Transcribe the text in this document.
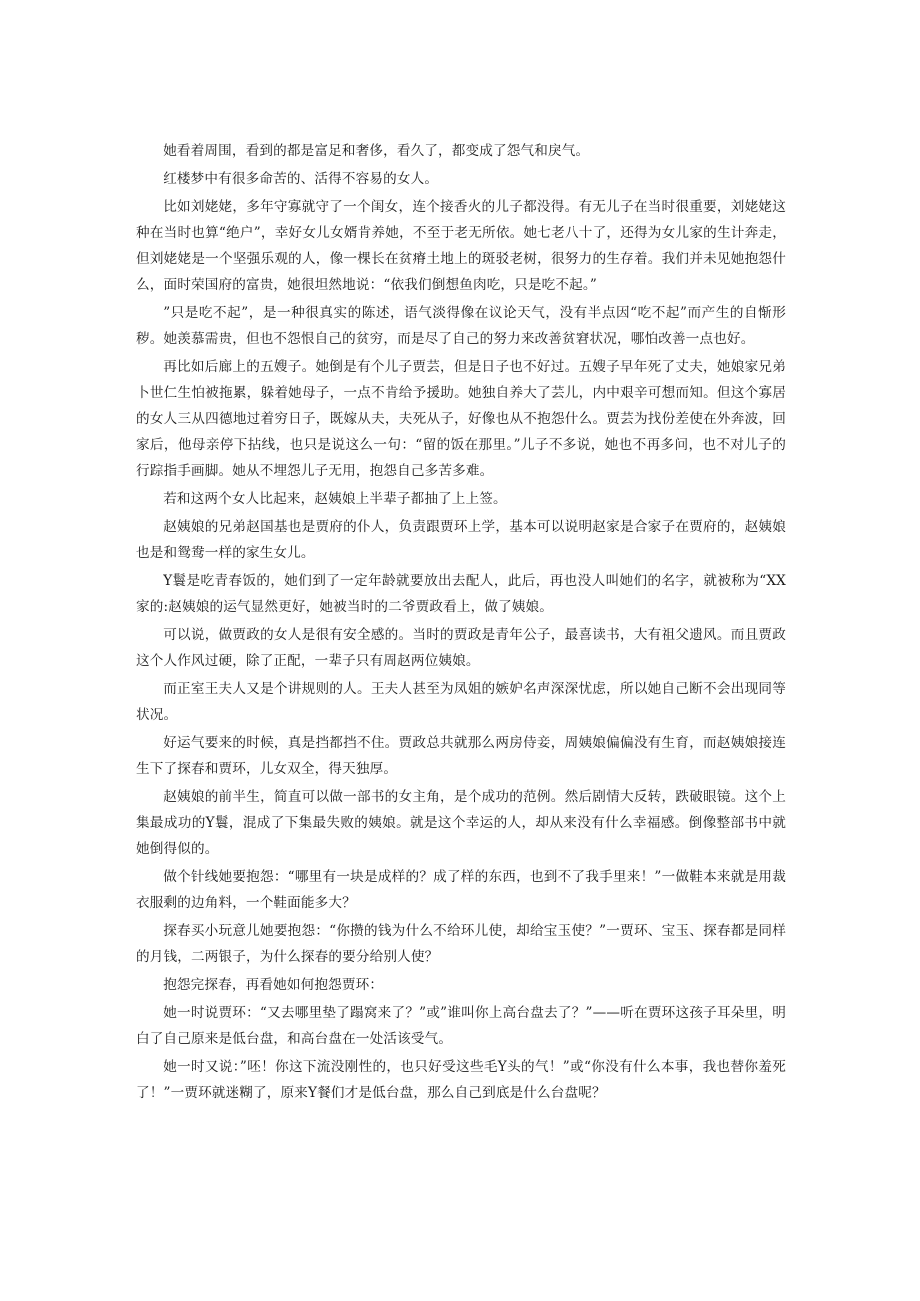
她看着周围，看到的都是富足和奢侈，看久了，都变成了怨气和戾气。

红楼梦中有很多命苦的、活得不容易的女人。

比如刘姥姥，多年守寡就守了一个闺女，连个接香火的儿子都没得。有无儿子在当时很重要，刘姥姥这种在当时也算“绝户”，幸好女儿女婿肯养她，不至于老无所依。她七老八十了，还得为女儿家的生计奔走，但刘姥姥是一个坚强乐观的人，像一棵长在贫瘠土地上的斑驳老树，很努力的生存着。我们并未见她抱怨什么，面时荣国府的富贵，她很坦然地说：“依我们倒想鱼肉吃，只是吃不起。”

”只是吃不起”，是一种很真实的陈述，语气淡得像在议论天气，没有半点因“吃不起”而产生的自惭形秽。她羡慕需贵，但也不怨恨自己的贫穷，而是尽了自己的努力来改善贫窘状况，哪怕改善一点也好。

再比如后廊上的五嫂子。她倒是有个儿子贾芸，但是日子也不好过。五嫂子早年死了丈夫，她娘家兄弟卜世仁生怕被拖累，躲着她母子，一点不肯给予援助。她独自养大了芸儿，内中艰辛可想而知。但这个寡居的女人三从四德地过着穷日子，既嫁从夫，夫死从子，好像也从不抱怨什么。贾芸为找份差使在外奔波，回家后，他母亲停下拈线，也只是说这么一句：“留的饭在那里。”儿子不多说，她也不再多问，也不对儿子的行踪指手画脚。她从不埋怨儿子无用，抱怨自己多苦多难。

若和这两个女人比起来，赵姨娘上半辈子都抽了上上签。

赵姨娘的兄弟赵国基也是贾府的仆人，负责跟贾环上学，基本可以说明赵家是合家子在贾府的，赵姨娘也是和鸳鸯一样的家生女儿。

Y鬟是吃青春饭的，她们到了一定年龄就要放出去配人，此后，再也没人叫她们的名字，就被称为“XX家的:赵姨娘的运气显然更好，她被当时的二爷贾政看上，做了姨娘。

可以说，做贾政的女人是很有安全感的。当时的贾政是青年公子，最喜读书，大有祖父遗风。而且贾政这个人作风过硬，除了正配，一辈子只有周赵两位姨娘。

而正室王夫人又是个讲规则的人。王夫人甚至为凤姐的嫉妒名声深深忧虑，所以她自己断不会出现同等状况。

好运气要来的时候，真是挡都挡不住。贾政总共就那么两房侍妾，周姨娘偏偏没有生育，而赵姨娘接连生下了探春和贾环，儿女双全，得天独厚。

赵姨娘的前半生，简直可以做一部书的女主角，是个成功的范例。然后剧情大反转，跌破眼镜。这个上集最成功的Y鬟，混成了下集最失败的姨娘。就是这个幸运的人，却从来没有什么幸福感。倒像整部书中就她倒得似的。

做个针线她要抱怨：“哪里有一块是成样的？成了样的东西，也到不了我手里来！”一做鞋本来就是用裁衣服剩的边角料，一个鞋面能多大？

探春买小玩意儿她要抱怨：“你攒的钱为什么不给环儿使，却给宝玉使？”一贾环、宝玉、探春都是同样的月钱，二两银子，为什么探春的要分给别人使？

抱怨完探春，再看她如何抱怨贾环：

她一时说贾环：“又去哪里垫了蹋窝来了？”或”谁叫你上高台盘去了？”——听在贾环这孩子耳朵里，明白了自己原来是低台盘，和高台盘在一处活该受气。

她一时又说：”呸！你这下流没刚性的，也只好受这些毛Y头的气！”或“你没有什么本事，我也替你羞死了！”一贾环就迷糊了，原来Y餐们才是低台盘，那么自己到底是什么台盘呢？
